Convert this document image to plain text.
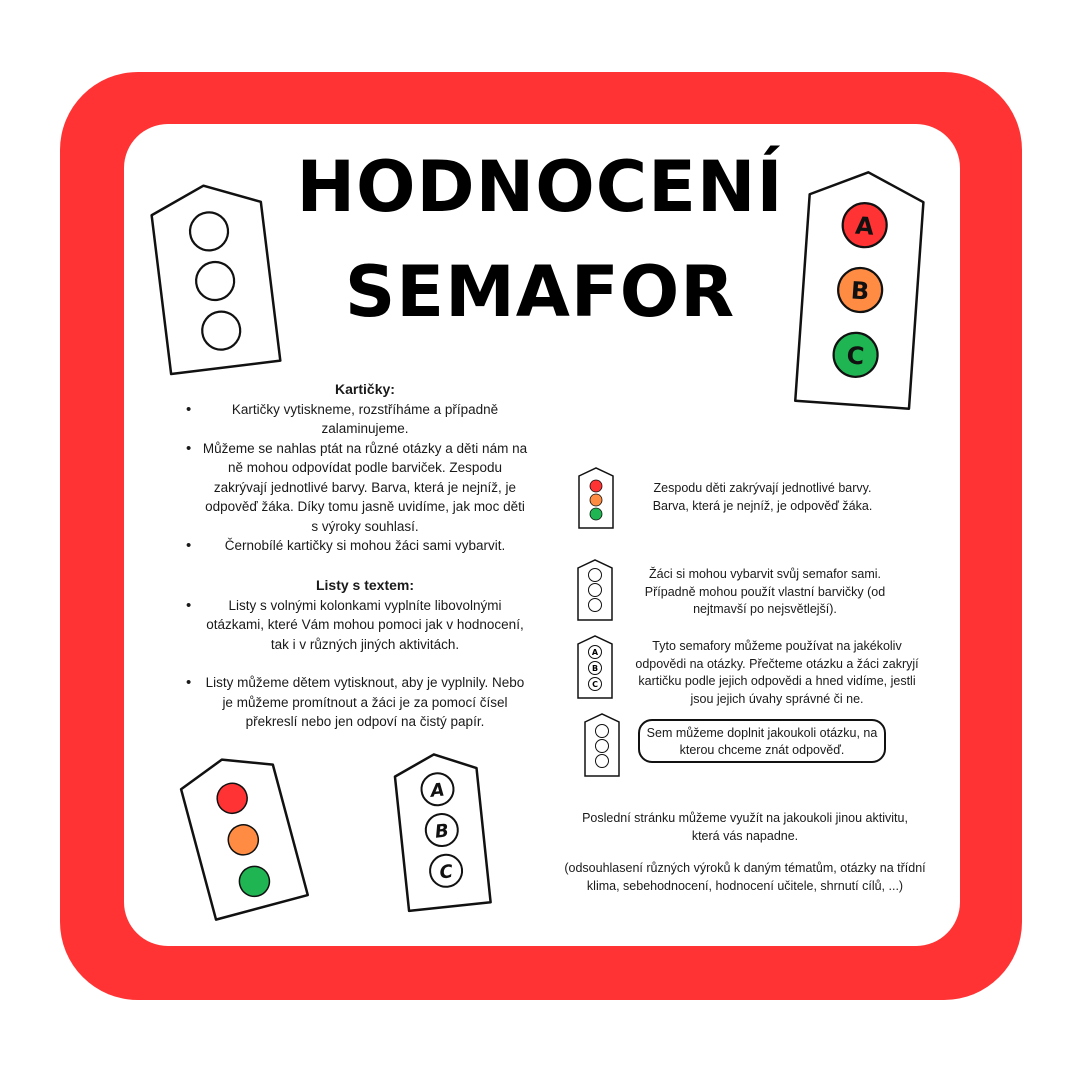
HODNOCENÍ
SEMAFOR
A
B
C
Kartičky:
• Kartičky vytiskneme, rozstříháme a případně zalaminujeme.
• Můžeme se nahlas ptát na různé otázky a děti nám na ně mohou odpovídat podle barviček. Zespodu zakrývají jednotlivé barvy. Barva, která je nejníž, je odpověď žáka. Díky tomu jasně uvidíme, jak moc děti s výroky souhlasí.
• Černobílé kartičky si mohou žáci sami vybarvit.
Listy s textem:
• Listy s volnými kolonkami vyplníte libovolnými otázkami, které Vám mohou pomoci jak v hodnocení, tak i v různých jiných aktivitách.
• Listy můžeme dětem vytisknout, aby je vyplnily. Nebo je můžeme promítnout a žáci je za pomocí čísel překreslí nebo jen odpoví na čistý papír.
A
B
C
Zespodu děti zakrývají jednotlivé barvy. Barva, která je nejníž, je odpověď žáka.
Žáci si mohou vybarvit svůj semafor sami. Případně mohou použít vlastní barvičky (od nejtmavší po nejsvětlejší).
A
B
C
Tyto semafory můžeme používat na jakékoliv odpovědi na otázky. Přečteme otázku a žáci zakryjí kartičku podle jejich odpovědi a hned vidíme, jestli jsou jejich úvahy správné či ne.
Sem můžeme doplnit jakoukoli otázku, na kterou chceme znát odpověď.
Poslední stránku můžeme využít na jakoukoli jinou aktivitu, která vás napadne.
(odsouhlasení různých výroků k daným tématům, otázky na třídní klima, sebehodnocení, hodnocení učitele, shrnutí cílů, ...)
